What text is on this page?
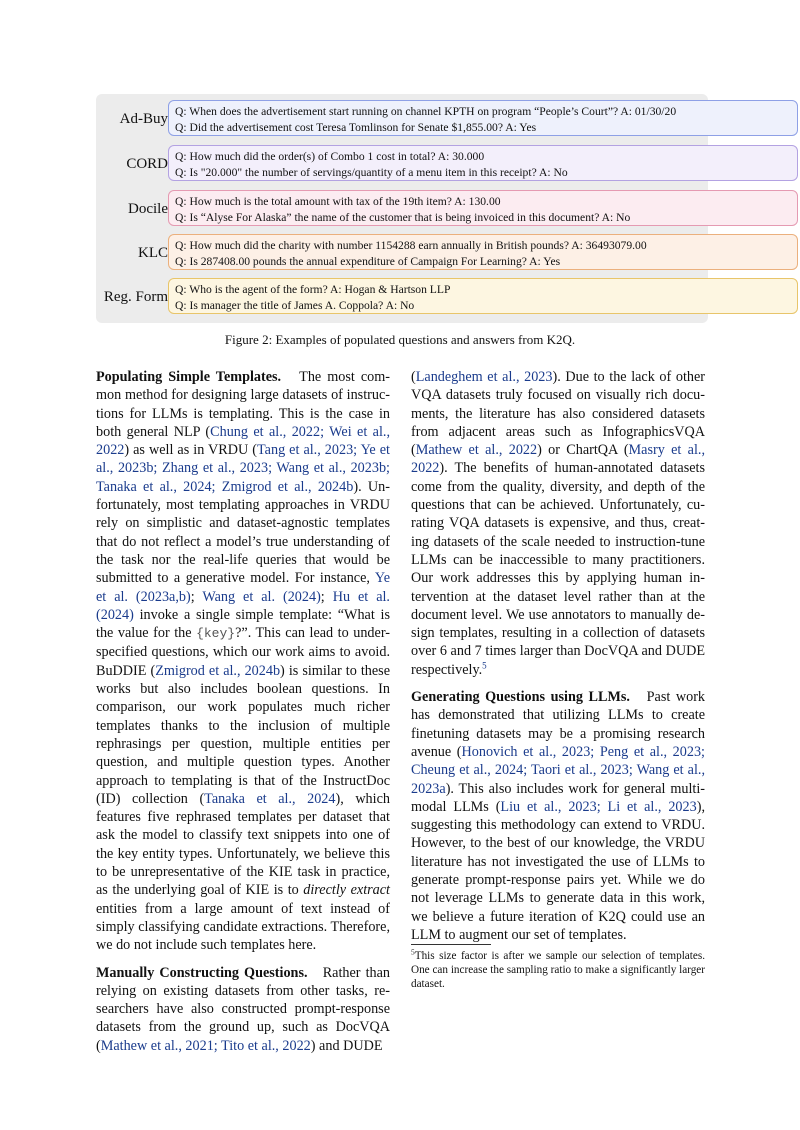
Ad-Buy Q: When does the advertisement start running on channel KPTH on program “People’s Court”? A: 01/30/20
Q: Did the advertisement cost Teresa Tomlinson for Senate $1,855.00? A: Yes
CORD Q: How much did the order(s) of Combo 1 cost in total? A: 30.000
Q: Is "20.000" the number of servings/quantity of a menu item in this receipt? A: No
Docile Q: How much is the total amount with tax of the 19th item? A: 130.00
Q: Is “Alyse For Alaska” the name of the customer that is being invoiced in this document? A: No
KLC Q: How much did the charity with number 1154288 earn annually in British pounds? A: 36493079.00
Q: Is 287408.00 pounds the annual expenditure of Campaign For Learning? A: Yes
Reg. Form Q: Who is the agent of the form? A: Hogan & Hartson LLP
Q: Is manager the title of James A. Coppola? A: No
Figure 2: Examples of populated questions and answers from K2Q.

Populating Simple Templates. The most common method for designing large datasets of instructions for LLMs is templating. This is the case in both general NLP (Chung et al., 2022; Wei et al., 2022) as well as in VRDU (Tang et al., 2023; Ye et al., 2023b; Zhang et al., 2023; Wang et al., 2023b; Tanaka et al., 2024; Zmigrod et al., 2024b). Unfortunately, most templating approaches in VRDU rely on simplistic and dataset-agnostic templates that do not reflect a model’s true understanding of the task nor the real-life queries that would be submitted to a generative model. For instance, Ye et al. (2023a,b); Wang et al. (2024); Hu et al. (2024) invoke a single simple template: “What is the value for the {key}?”. This can lead to under-specified questions, which our work aims to avoid. BuDDIE (Zmigrod et al., 2024b) is similar to these works but also includes boolean questions. In comparison, our work populates much richer templates thanks to the inclusion of multiple rephrasings per question, multiple entities per question, and multiple question types. Another approach to templating is that of the InstructDoc (ID) collection (Tanaka et al., 2024), which features five rephrased templates per dataset that ask the model to classify text snippets into one of the key entity types. Unfortunately, we believe this to be unrepresentative of the KIE task in practice, as the underlying goal of KIE is to directly extract entities from a large amount of text instead of simply classifying candidate extractions. Therefore, we do not include such templates here.

Manually Constructing Questions. Rather than relying on existing datasets from other tasks, researchers have also constructed prompt-response datasets from the ground up, such as DocVQA (Mathew et al., 2021; Tito et al., 2022) and DUDE

(Landeghem et al., 2023). Due to the lack of other VQA datasets truly focused on visually rich documents, the literature has also considered datasets from adjacent areas such as InfographicsVQA (Mathew et al., 2022) or ChartQA (Masry et al., 2022). The benefits of human-annotated datasets come from the quality, diversity, and depth of the questions that can be achieved. Unfortunately, curating VQA datasets is expensive, and thus, creating datasets of the scale needed to instruction-tune LLMs can be inaccessible to many practitioners. Our work addresses this by applying human intervention at the dataset level rather than at the document level. We use annotators to manually design templates, resulting in a collection of datasets over 6 and 7 times larger than DocVQA and DUDE respectively.$^5$

Generating Questions using LLMs. Past work has demonstrated that utilizing LLMs to create finetuning datasets may be a promising research avenue (Honovich et al., 2023; Peng et al., 2023; Cheung et al., 2024; Taori et al., 2023; Wang et al., 2023a). This also includes work for general multi-modal LLMs (Liu et al., 2023; Li et al., 2023), suggesting this methodology can extend to VRDU. However, to the best of our knowledge, the VRDU literature has not investigated the use of LLMs to generate prompt-response pairs yet. While we do not leverage LLMs to generate data in this work, we believe a future iteration of K2Q could use an LLM to augment our set of templates.

$^5$This size factor is after we sample our selection of templates. One can increase the sampling ratio to make a significantly larger dataset.
